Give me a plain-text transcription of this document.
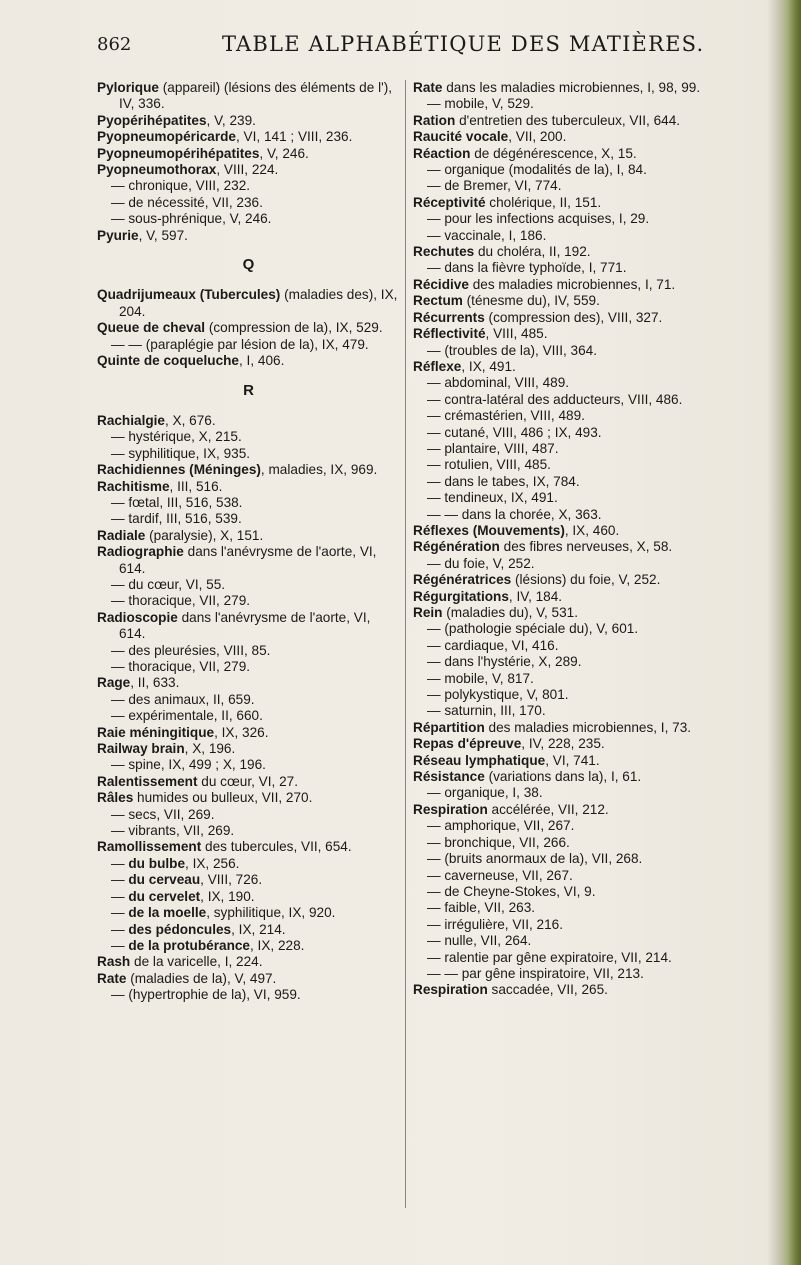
862	TABLE ALPHABÉTIQUE DES MATIÈRES.

Pylorique (appareil) (lésions des éléments de l'), IV, 336.

Pyopérihépatites, V, 239.

Pyopneumopéricarde, VI, 141 ; VIII, 236.

Pyopneumopérihépatites, V, 246.

Pyopneumothorax, VIII, 224.

— chronique, VIII, 232.

— de nécessité, VII, 236.

— sous-phrénique, V, 246.

Pyurie, V, 597.

Q

Quadrijumeaux (Tubercules) (maladies des), IX, 204.

Queue de cheval (compression de la), IX, 529.

— — (paraplégie par lésion de la), IX, 479.

Quinte de coqueluche, I, 406.

R

Rachialgie, X, 676.

— hystérique, X, 215.

— syphilitique, IX, 935.

Rachidiennes (Méninges), maladies, IX, 969.

Rachitisme, III, 516.

— fœtal, III, 516, 538.

— tardif, III, 516, 539.

Radiale (paralysie), X, 151.

Radiographie dans l'anévrysme de l'aorte, VI, 614.

— du cœur, VI, 55.

— thoracique, VII, 279.

Radioscopie dans l'anévrysme de l'aorte, VI, 614.

— des pleurésies, VIII, 85.

— thoracique, VII, 279.

Rage, II, 633.

— des animaux, II, 659.

— expérimentale, II, 660.

Raie méningitique, IX, 326.

Railway brain, X, 196.

— spine, IX, 499 ; X, 196.

Ralentissement du cœur, VI, 27.

Râles humides ou bulleux, VII, 270.

— secs, VII, 269.

— vibrants, VII, 269.

Ramollissement des tubercules, VII, 654.

— du bulbe, IX, 256.

— du cerveau, VIII, 726.

— du cervelet, IX, 190.

— de la moelle, syphilitique, IX, 920.

— des pédoncules, IX, 214.

— de la protubérance, IX, 228.

Rash de la varicelle, I, 224.

Rate (maladies de la), V, 497.

— (hypertrophie de la), VI, 959.

Rate dans les maladies microbiennes, I, 98, 99.

— mobile, V, 529.

Ration d'entretien des tuberculeux, VII, 644.

Raucité vocale, VII, 200.

Réaction de dégénérescence, X, 15.

— organique (modalités de la), I, 84.

— de Bremer, VI, 774.

Réceptivité cholérique, II, 151.

— pour les infections acquises, I, 29.

— vaccinale, I, 186.

Rechutes du choléra, II, 192.

— dans la fièvre typhoïde, I, 771.

Récidive des maladies microbiennes, I, 71.

Rectum (ténesme du), IV, 559.

Récurrents (compression des), VIII, 327.

Réflectivité, VIII, 485.

— (troubles de la), VIII, 364.

Réflexe, IX, 491.

— abdominal, VIII, 489.

— contra-latéral des adducteurs, VIII, 486.

— crémastérien, VIII, 489.

— cutané, VIII, 486 ; IX, 493.

— plantaire, VIII, 487.

— rotulien, VIII, 485.

— dans le tabes, IX, 784.

— tendineux, IX, 491.

— — dans la chorée, X, 363.

Réflexes (Mouvements), IX, 460.

Régénération des fibres nerveuses, X, 58.

— du foie, V, 252.

Régénératrices (lésions) du foie, V, 252.

Régurgitations, IV, 184.

Rein (maladies du), V, 531.

— (pathologie spéciale du), V, 601.

— cardiaque, VI, 416.

— dans l'hystérie, X, 289.

— mobile, V, 817.

— polykystique, V, 801.

— saturnin, III, 170.

Répartition des maladies microbiennes, I, 73.

Repas d'épreuve, IV, 228, 235.

Réseau lymphatique, VI, 741.

Résistance (variations dans la), I, 61.

— organique, I, 38.

Respiration accélérée, VII, 212.

— amphorique, VII, 267.

— bronchique, VII, 266.

— (bruits anormaux de la), VII, 268.

— caverneuse, VII, 267.

— de Cheyne-Stokes, VI, 9.

— faible, VII, 263.

— irrégulière, VII, 216.

— nulle, VII, 264.

— ralentie par gêne expiratoire, VII, 214.

— — par gêne inspiratoire, VII, 213.

Respiration saccadée, VII, 265.
